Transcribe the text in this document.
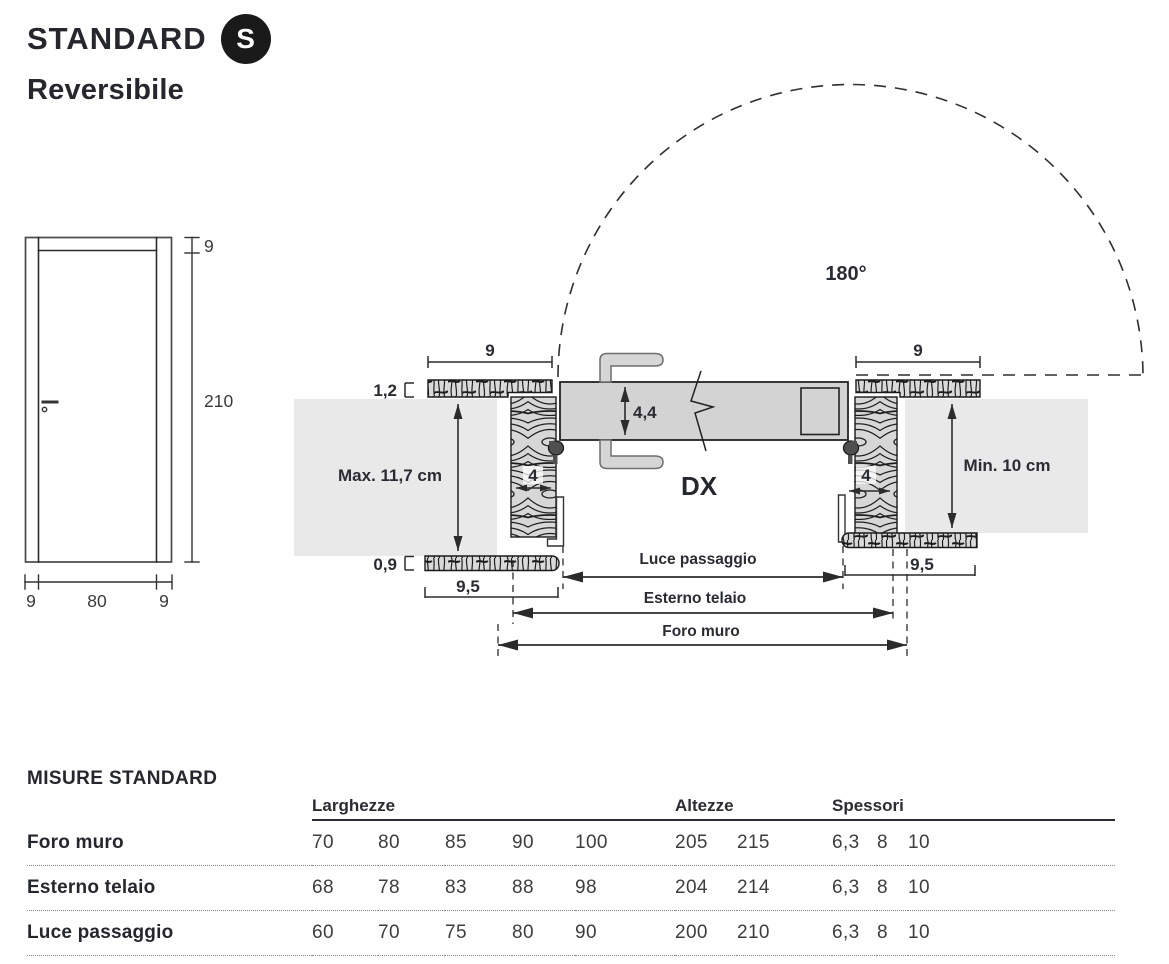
STANDARD	S
Reversibile
9
210
9	80	9
180°
Max. 11,7 cm
Min. 10 cm
4,4
4	4
9	9
1,2
0,9
9,5
9,5
Luce passaggio
Esterno telaio
Foro muro
DX
MISURE STANDARD
Larghezze	Altezze	Spessori
Foro muro	70	80	85	90	100	205	215	6,3 8	10
Esterno telaio	68	78	83	88	98	204	214	6,3 8	10
Luce passaggio	60	70	75	80	90	200	210	6,3 8	10
